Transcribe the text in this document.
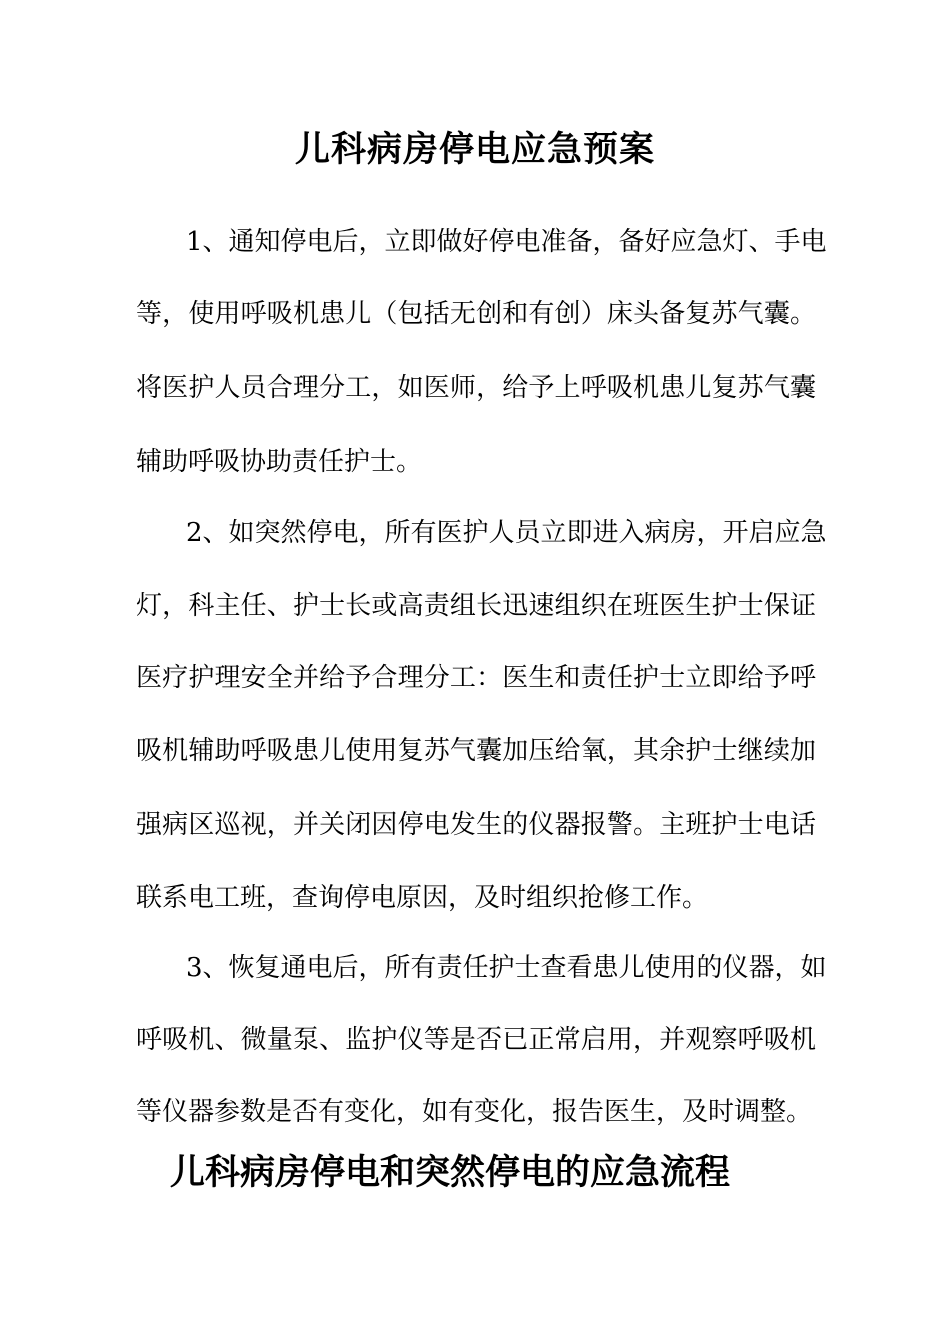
儿科病房停电应急预案
1、通知停电后，立即做好停电准备，备好应急灯、手电
等，使用呼吸机患儿（包括无创和有创）床头备复苏气囊。
将医护人员合理分工，如医师，给予上呼吸机患儿复苏气囊
辅助呼吸协助责任护士。
2、如突然停电，所有医护人员立即进入病房，开启应急
灯，科主任、护士长或高责组长迅速组织在班医生护士保证
医疗护理安全并给予合理分工：医生和责任护士立即给予呼
吸机辅助呼吸患儿使用复苏气囊加压给氧，其余护士继续加
强病区巡视，并关闭因停电发生的仪器报警。主班护士电话
联系电工班，查询停电原因，及时组织抢修工作。
3、恢复通电后，所有责任护士查看患儿使用的仪器，如
呼吸机、微量泵、监护仪等是否已正常启用，并观察呼吸机
等仪器参数是否有变化，如有变化，报告医生，及时调整。
儿科病房停电和突然停电的应急流程
